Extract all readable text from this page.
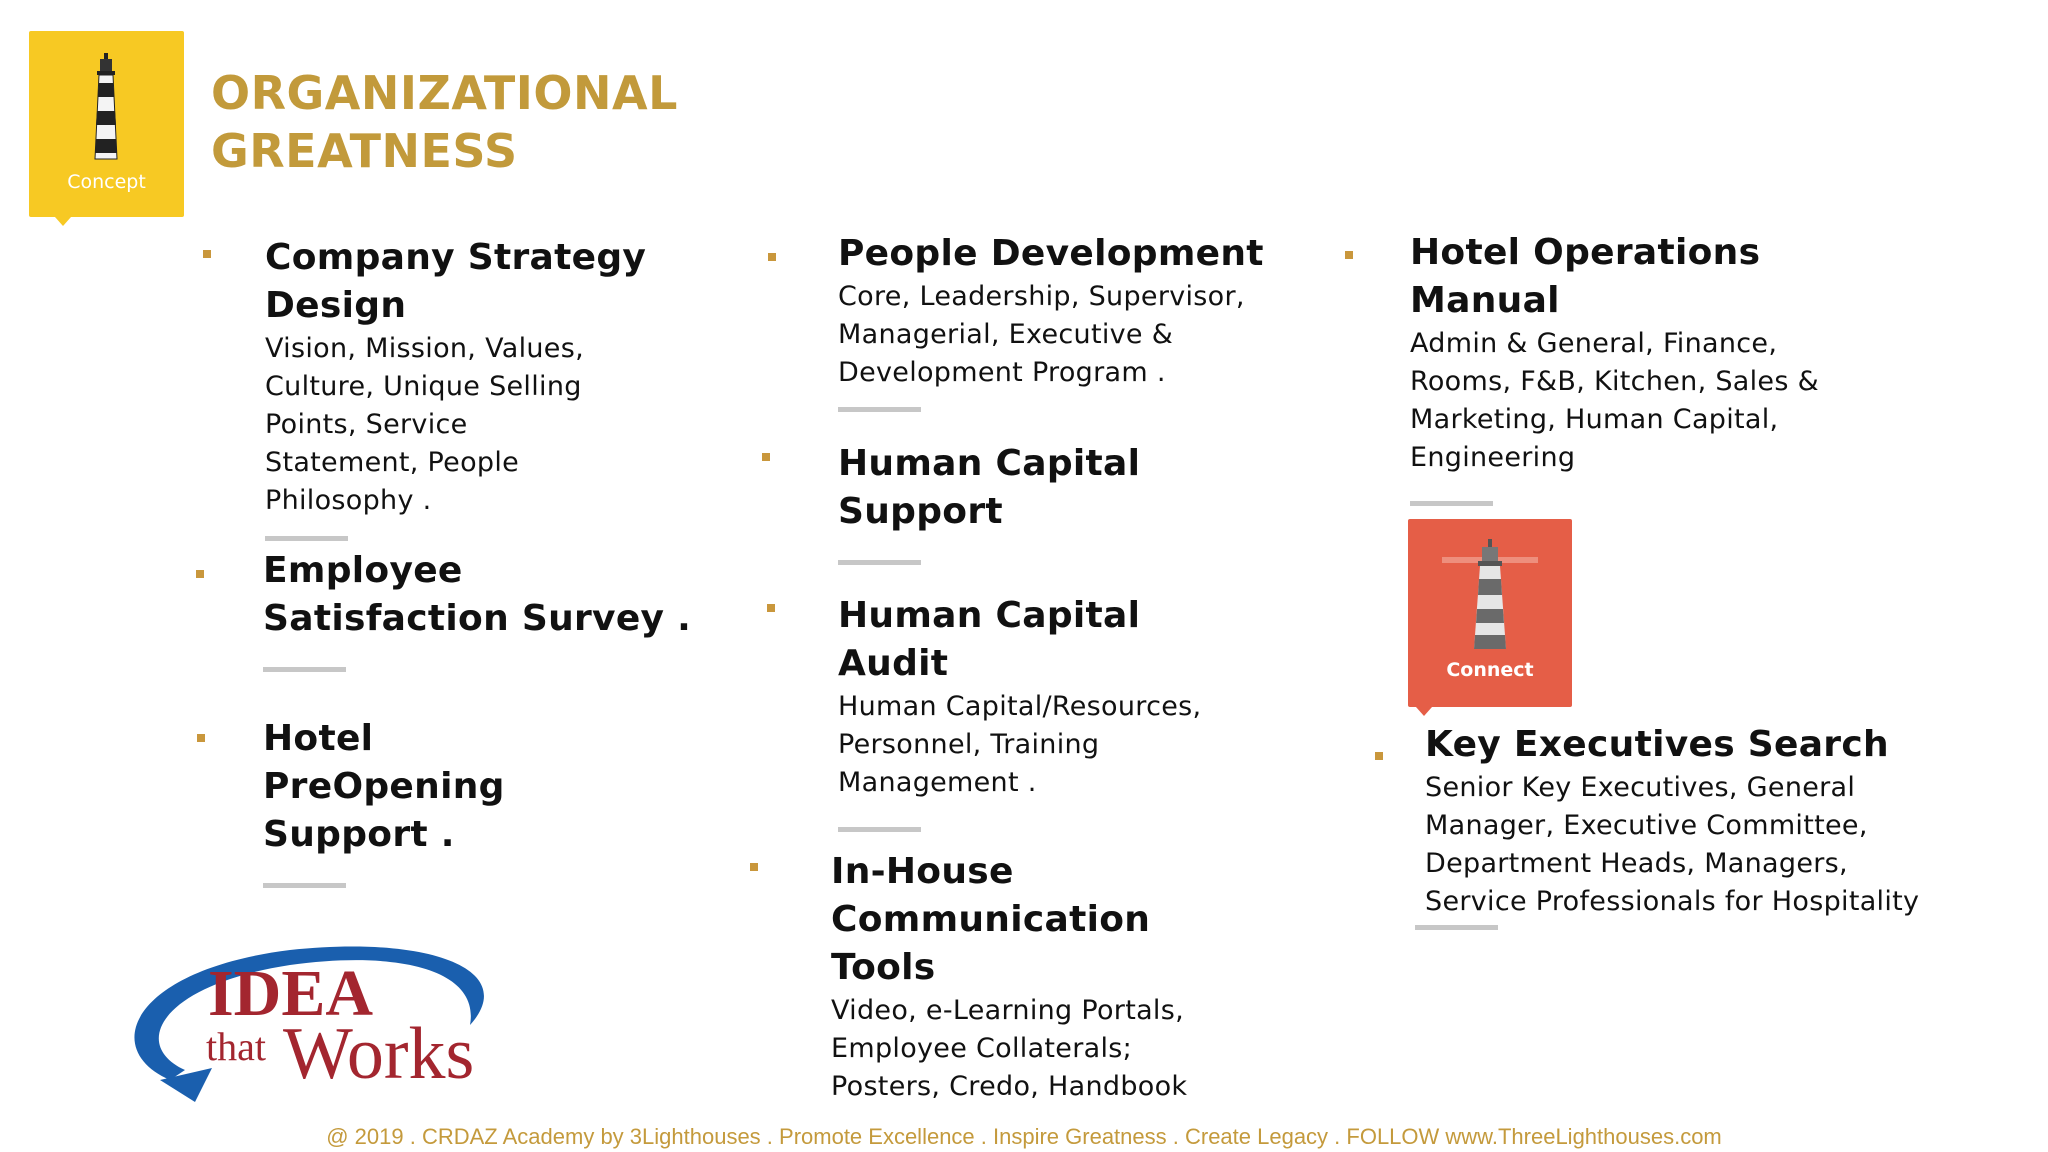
Concept
ORGANIZATIONAL
GREATNESS
Company Strategy
Design
Vision, Mission, Values,
Culture, Unique Selling
Points, Service
Statement, People
Philosophy .
Employee
Satisfaction Survey .
Hotel
PreOpening
Support .
People Development
Core, Leadership, Supervisor,
Managerial, Executive &
Development Program .
Human Capital
Support
Human Capital
Audit
Human Capital/Resources,
Personnel, Training
Management .
In-House
Communication
Tools
Video, e-Learning Portals,
Employee Collaterals;
Posters, Credo, Handbook
Hotel Operations
Manual
Admin & General, Finance,
Rooms, F&B, Kitchen, Sales &
Marketing, Human Capital,
Engineering
Connect
Key Executives Search
Senior Key Executives, General
Manager, Executive Committee,
Department Heads, Managers,
Service Professionals for Hospitality
IDEA
that Works
@ 2019 . CRDAZ Academy by 3Lighthouses . Promote Excellence . Inspire Greatness . Create Legacy . FOLLOW www.ThreeLighthouses.com
